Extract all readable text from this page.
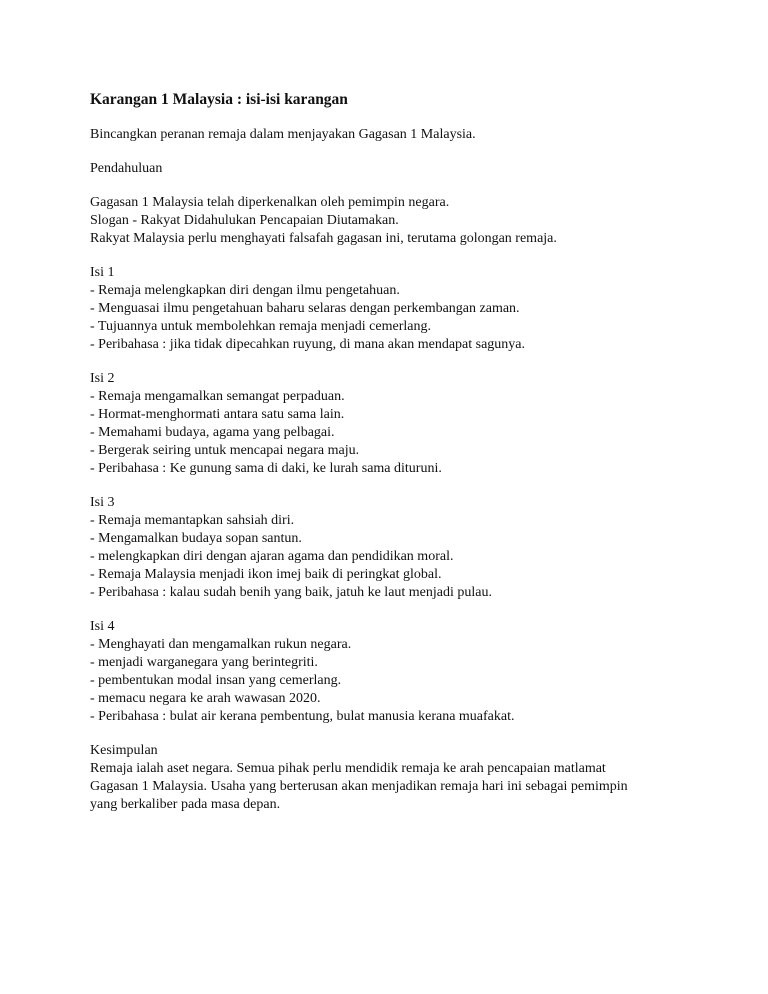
Karangan 1 Malaysia : isi-isi karangan

Bincangkan peranan remaja dalam menjayakan Gagasan 1 Malaysia.

Pendahuluan

Gagasan 1 Malaysia telah diperkenalkan oleh pemimpin negara.

Slogan - Rakyat Didahulukan Pencapaian Diutamakan.

Rakyat Malaysia perlu menghayati falsafah gagasan ini, terutama golongan remaja.

Isi 1

- Remaja melengkapkan diri dengan ilmu pengetahuan.

- Menguasai ilmu pengetahuan baharu selaras dengan perkembangan zaman.

- Tujuannya untuk membolehkan remaja menjadi cemerlang.

- Peribahasa : jika tidak dipecahkan ruyung, di mana akan mendapat sagunya.

Isi 2

- Remaja mengamalkan semangat perpaduan.

- Hormat-menghormati antara satu sama lain.

- Memahami budaya, agama yang pelbagai.

- Bergerak seiring untuk mencapai negara maju.

- Peribahasa : Ke gunung sama di daki, ke lurah sama dituruni.

Isi 3

- Remaja memantapkan sahsiah diri.

- Mengamalkan budaya sopan santun.

- melengkapkan diri dengan ajaran agama dan pendidikan moral.

- Remaja Malaysia menjadi ikon imej baik di peringkat global.

- Peribahasa : kalau sudah benih yang baik, jatuh ke laut menjadi pulau.

Isi 4

- Menghayati dan mengamalkan rukun negara.

- menjadi warganegara yang berintegriti.

- pembentukan modal insan yang cemerlang.

- memacu negara ke arah wawasan 2020.

- Peribahasa : bulat air kerana pembentung, bulat manusia kerana muafakat.

Kesimpulan

Remaja ialah aset negara. Semua pihak perlu mendidik remaja ke arah pencapaian matlamat

Gagasan 1 Malaysia. Usaha yang berterusan akan menjadikan remaja hari ini sebagai pemimpin

yang berkaliber pada masa depan.
